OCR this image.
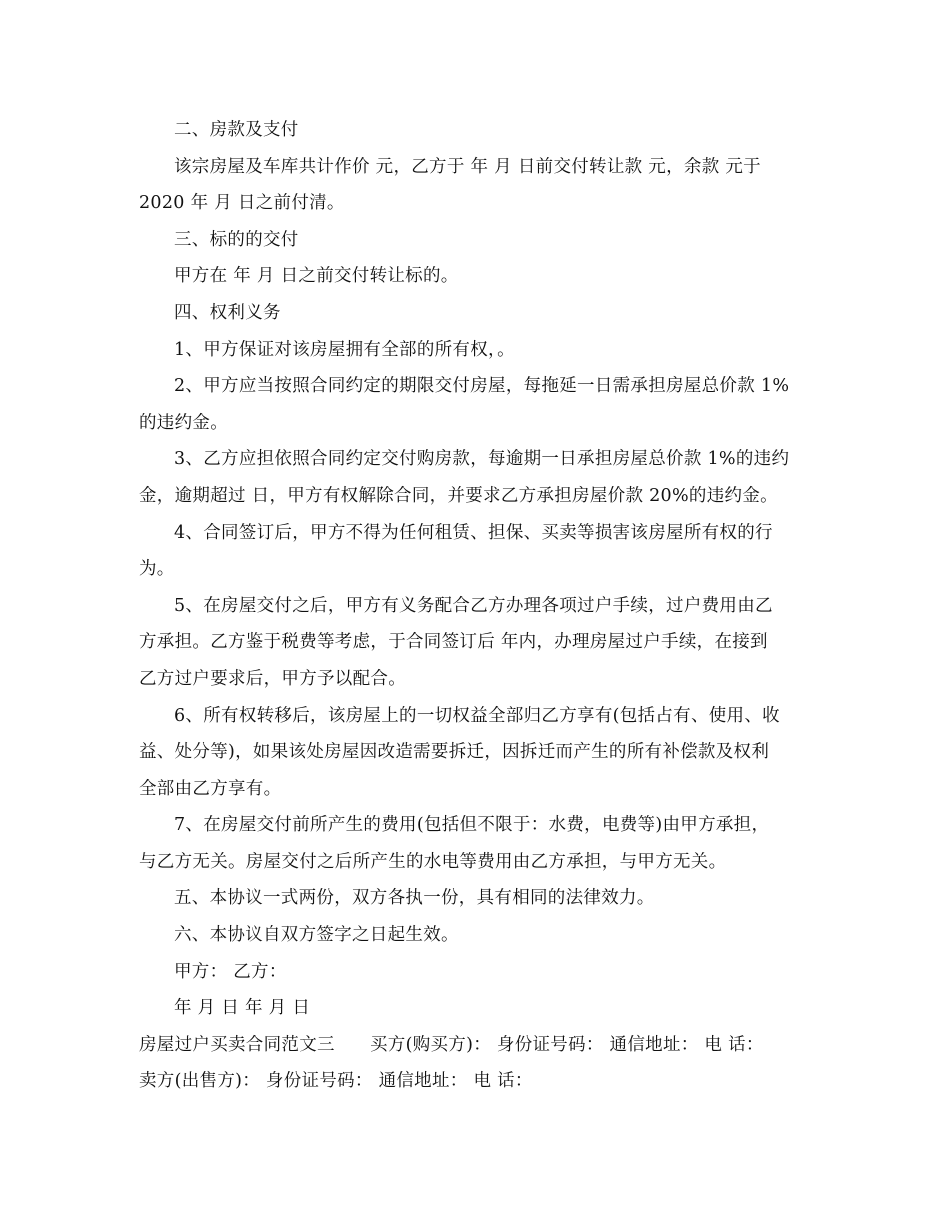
二、房款及支付
该宗房屋及车库共计作价 元，乙方于 年 月 日前交付转让款 元，余款 元于
2020 年 月 日之前付清。
三、标的的交付
甲方在 年 月 日之前交付转让标的。
四、权利义务
1、甲方保证对该房屋拥有全部的所有权，。
2、甲方应当按照合同约定的期限交付房屋，每拖延一日需承担房屋总价款 1%
的违约金。
3、乙方应担依照合同约定交付购房款，每逾期一日承担房屋总价款 1%的违约
金，逾期超过 日，甲方有权解除合同，并要求乙方承担房屋价款 20%的违约金。
4、合同签订后，甲方不得为任何租赁、担保、买卖等损害该房屋所有权的行
为。
5、在房屋交付之后，甲方有义务配合乙方办理各项过户手续，过户费用由乙
方承担。乙方鉴于税费等考虑，于合同签订后 年内，办理房屋过户手续，在接到
乙方过户要求后，甲方予以配合。
6、所有权转移后，该房屋上的一切权益全部归乙方享有(包括占有、使用、收
益、处分等)，如果该处房屋因改造需要拆迁，因拆迁而产生的所有补偿款及权利
全部由乙方享有。
7、在房屋交付前所产生的费用(包括但不限于：水费，电费等)由甲方承担，
与乙方无关。房屋交付之后所产生的水电等费用由乙方承担，与甲方无关。
五、本协议一式两份，双方各执一份，具有相同的法律效力。
六、本协议自双方签字之日起生效。
甲方： 乙方：
年 月 日 年 月 日
房屋过户买卖合同范文三      买方(购买方)： 身份证号码： 通信地址： 电 话：
卖方(出售方)： 身份证号码： 通信地址： 电 话：
